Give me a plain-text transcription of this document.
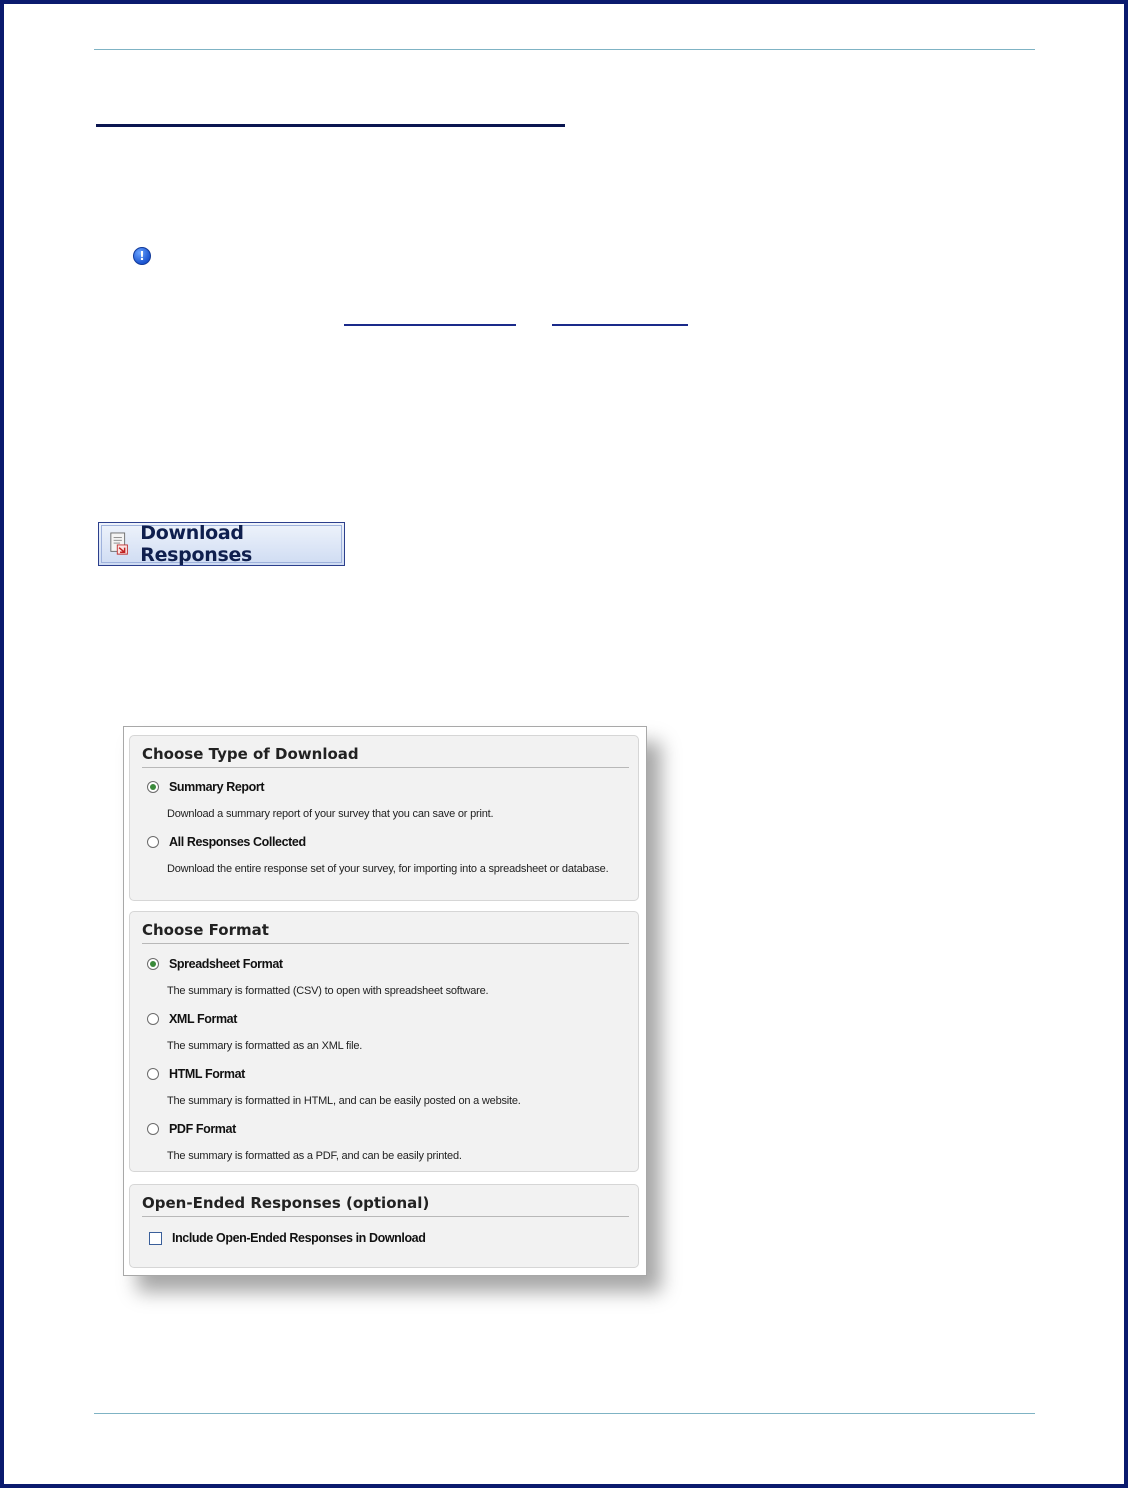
!
Download Responses
Choose Type of Download
Summary Report
Download a summary report of your survey that you can save or print.
All Responses Collected
Download the entire response set of your survey, for importing into a spreadsheet or database.
Choose Format
Spreadsheet Format
The summary is formatted (CSV) to open with spreadsheet software.
XML Format
The summary is formatted as an XML file.
HTML Format
The summary is formatted in HTML, and can be easily posted on a website.
PDF Format
The summary is formatted as a PDF, and can be easily printed.
Open-Ended Responses (optional)
Include Open-Ended Responses in Download
